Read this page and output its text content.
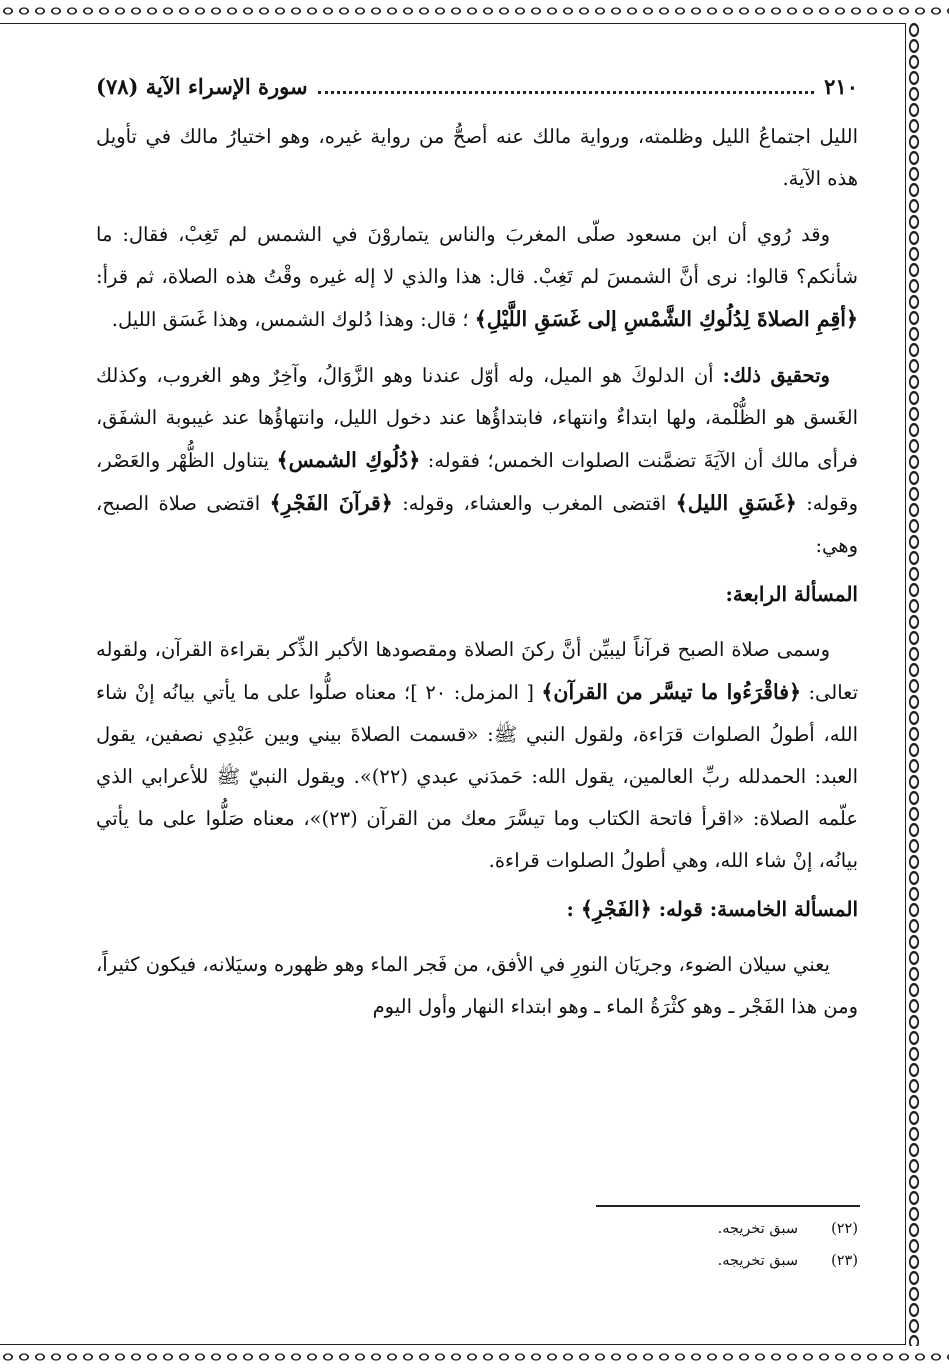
٢١٠
سورة الإسراء الآية (٧٨)

الليل اجتماعُ الليل وظلمته، ورواية مالك عنه أصحُّ من رواية غيره، وهو اختيارُ مالك في تأويل هذه الآية.

وقد رُوي أن ابن مسعود صلّى المغربَ والناس يتماروْنَ في الشمس لم تَغِبْ، فقال: ما شأنكم؟ قالوا: نرى أنَّ الشمسَ لم تَغِبْ. قال: هذا والذي لا إله غيره وقْتُ هذه الصلاة، ثم قرأ: ﴿أقِمِ الصلاةَ لِدُلُوكِ الشَّمْسِ إلى غَسَقِ اللَّيْلِ﴾ ؛ قال: وهذا دُلوك الشمس، وهذا غَسَق الليل.

وتحقيق ذلك: أن الدلوكَ هو الميل، وله أوّل عندنا وهو الزَّوَالُ، وآخِرٌ وهو الغروب، وكذلك الغَسق هو الظُّلْمة، ولها ابتداءٌ وانتهاء، فابتداؤُها عند دخول الليل، وانتهاؤُها عند غيبوبة الشفَق، فرأى مالك أن الآيَةَ تضمَّنت الصلوات الخمس؛ فقوله: ﴿دُلُوكِ الشمس﴾ يتناول الظُّهْر والعَصْر، وقوله: ﴿غَسَقِ الليل﴾ اقتضى المغرب والعشاء، وقوله: ﴿قرآنَ الفَجْرِ﴾ اقتضى صلاة الصبح، وهي:

المسألة الرابعة:

وسمى صلاة الصبح قرآناً ليبيِّن أنَّ ركنَ الصلاة ومقصودها الأكبر الذِّكر بقراءة القرآن، ولقوله تعالى: ﴿فاقْرَءُوا ما تيسَّر من القرآن﴾ [ المزمل: ٢٠ ]؛ معناه صلُّوا على ما يأتي بيانُه إنْ شاء الله، أطولُ الصلوات قرَاءة، ولقول النبي ﷺ: «قسمت الصلاةَ بيني وبين عَبْدِي نصفين، يقول العبد: الحمدلله ربِّ العالمين، يقول الله: حَمدَني عبدي (٢٢)». ويقول النبيّ ﷺ للأعرابي الذي علّمه الصلاة: «اقرأ فاتحة الكتاب وما تيسَّرَ معك من القرآن (٢٣)»، معناه صَلُّوا على ما يأتي بيانُه، إنْ شاء الله، وهي أطولُ الصلوات قراءة.

المسألة الخامسة: قوله: ﴿الفَجْرِ﴾ :

يعني سيلان الضوء، وجريَان النورِ في الأفق، من فَجر الماء وهو ظهوره وسيَلانه، فيكون كثيراً، ومن هذا الفَجْر ـ وهو كثْرَةُ الماء ـ وهو ابتداء النهار وأول اليوم

(٢٢)
سبق تخريجه.
(٢٣)
سبق تخريجه.
